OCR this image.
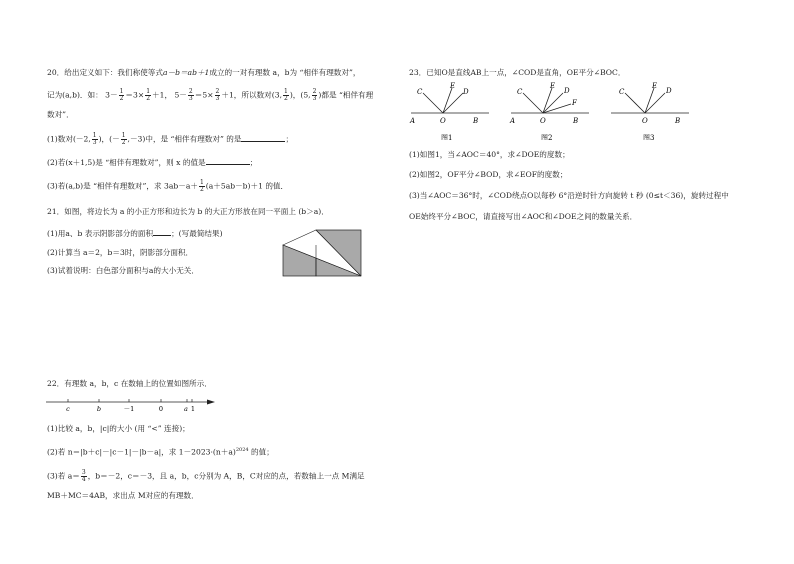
20．给出定义如下：我们称使等式a－b＝ab＋1成立的一对有理数 a，b为 “相伴有理数对”，
记为(a,b)．如： $3- \frac{1}{2} =3\times \frac{1}{2} +1$， $5- \frac{2}{3} =5\times \frac{2}{3} +1$，所以数对(3, $\frac{1}{2}$ )，(5, $\frac{2}{3}$ )都是 “相伴有理
数对”．
(1)数对(－2, $\frac{1}{3}$ )，(－ $\frac{1}{2} ,-3$)中，是 “相伴有理数对” 的是	；
(2)若(x＋1,5)是 “相伴有理数对”，则 x 的值是	；
(3)若(a,b)是 “相伴有理数对”，求 $3ab-a+ \frac{1}{2} (a+5ab-b)+1$ 的值．
21．如图，将边长为 a 的小正方形和边长为 b 的大正方形放在同一平面上 (b＞a)．
(1)用a、b 表示阴影部分的面积 ；(写最简结果)
(2)计算当 a＝2，b＝3时，阴影部分面积．
(3)试着说明：白色部分面积与a的大小无关．
22．有理数 a，b，c 在数轴上的位置如图所示．
c	b	－1	0	a 1
(1)比较 a，b，|c|的大小 (用 “<” 连接)；
(2)若 n＝|b＋c|－|c－1|－|b－a|，求 $1-2023\cdot(n+a)^{2024}$ 的值；
(3)若 $a= \frac{3}{4}$ ，b＝－2，c＝－3，且 a，b，c分别为 A，B，C对应的点，若数轴上一点 M满足
MB＋MC＝4AB，求出点 M对应的有理数．
23．已知O是直线AB上一点，∠COD是直角，OE平分∠BOC．
C
E
D
A	O	B
图1
C
E
D
F
A	O	B
图2
C
E
D
O	B
图3
(1)如图1，当∠AOC＝40°，求∠DOE的度数；
(2)如图2，OF平分∠BOD，求∠EOF的度数；
(3)当∠AOC＝36°时，∠COD绕点O以每秒 6°沿逆时针方向旋转 t 秒 (0≤t＜36)，旋转过程中
OE始终平分∠BOC，请直接写出∠AOC和∠DOE之间的数量关系．
